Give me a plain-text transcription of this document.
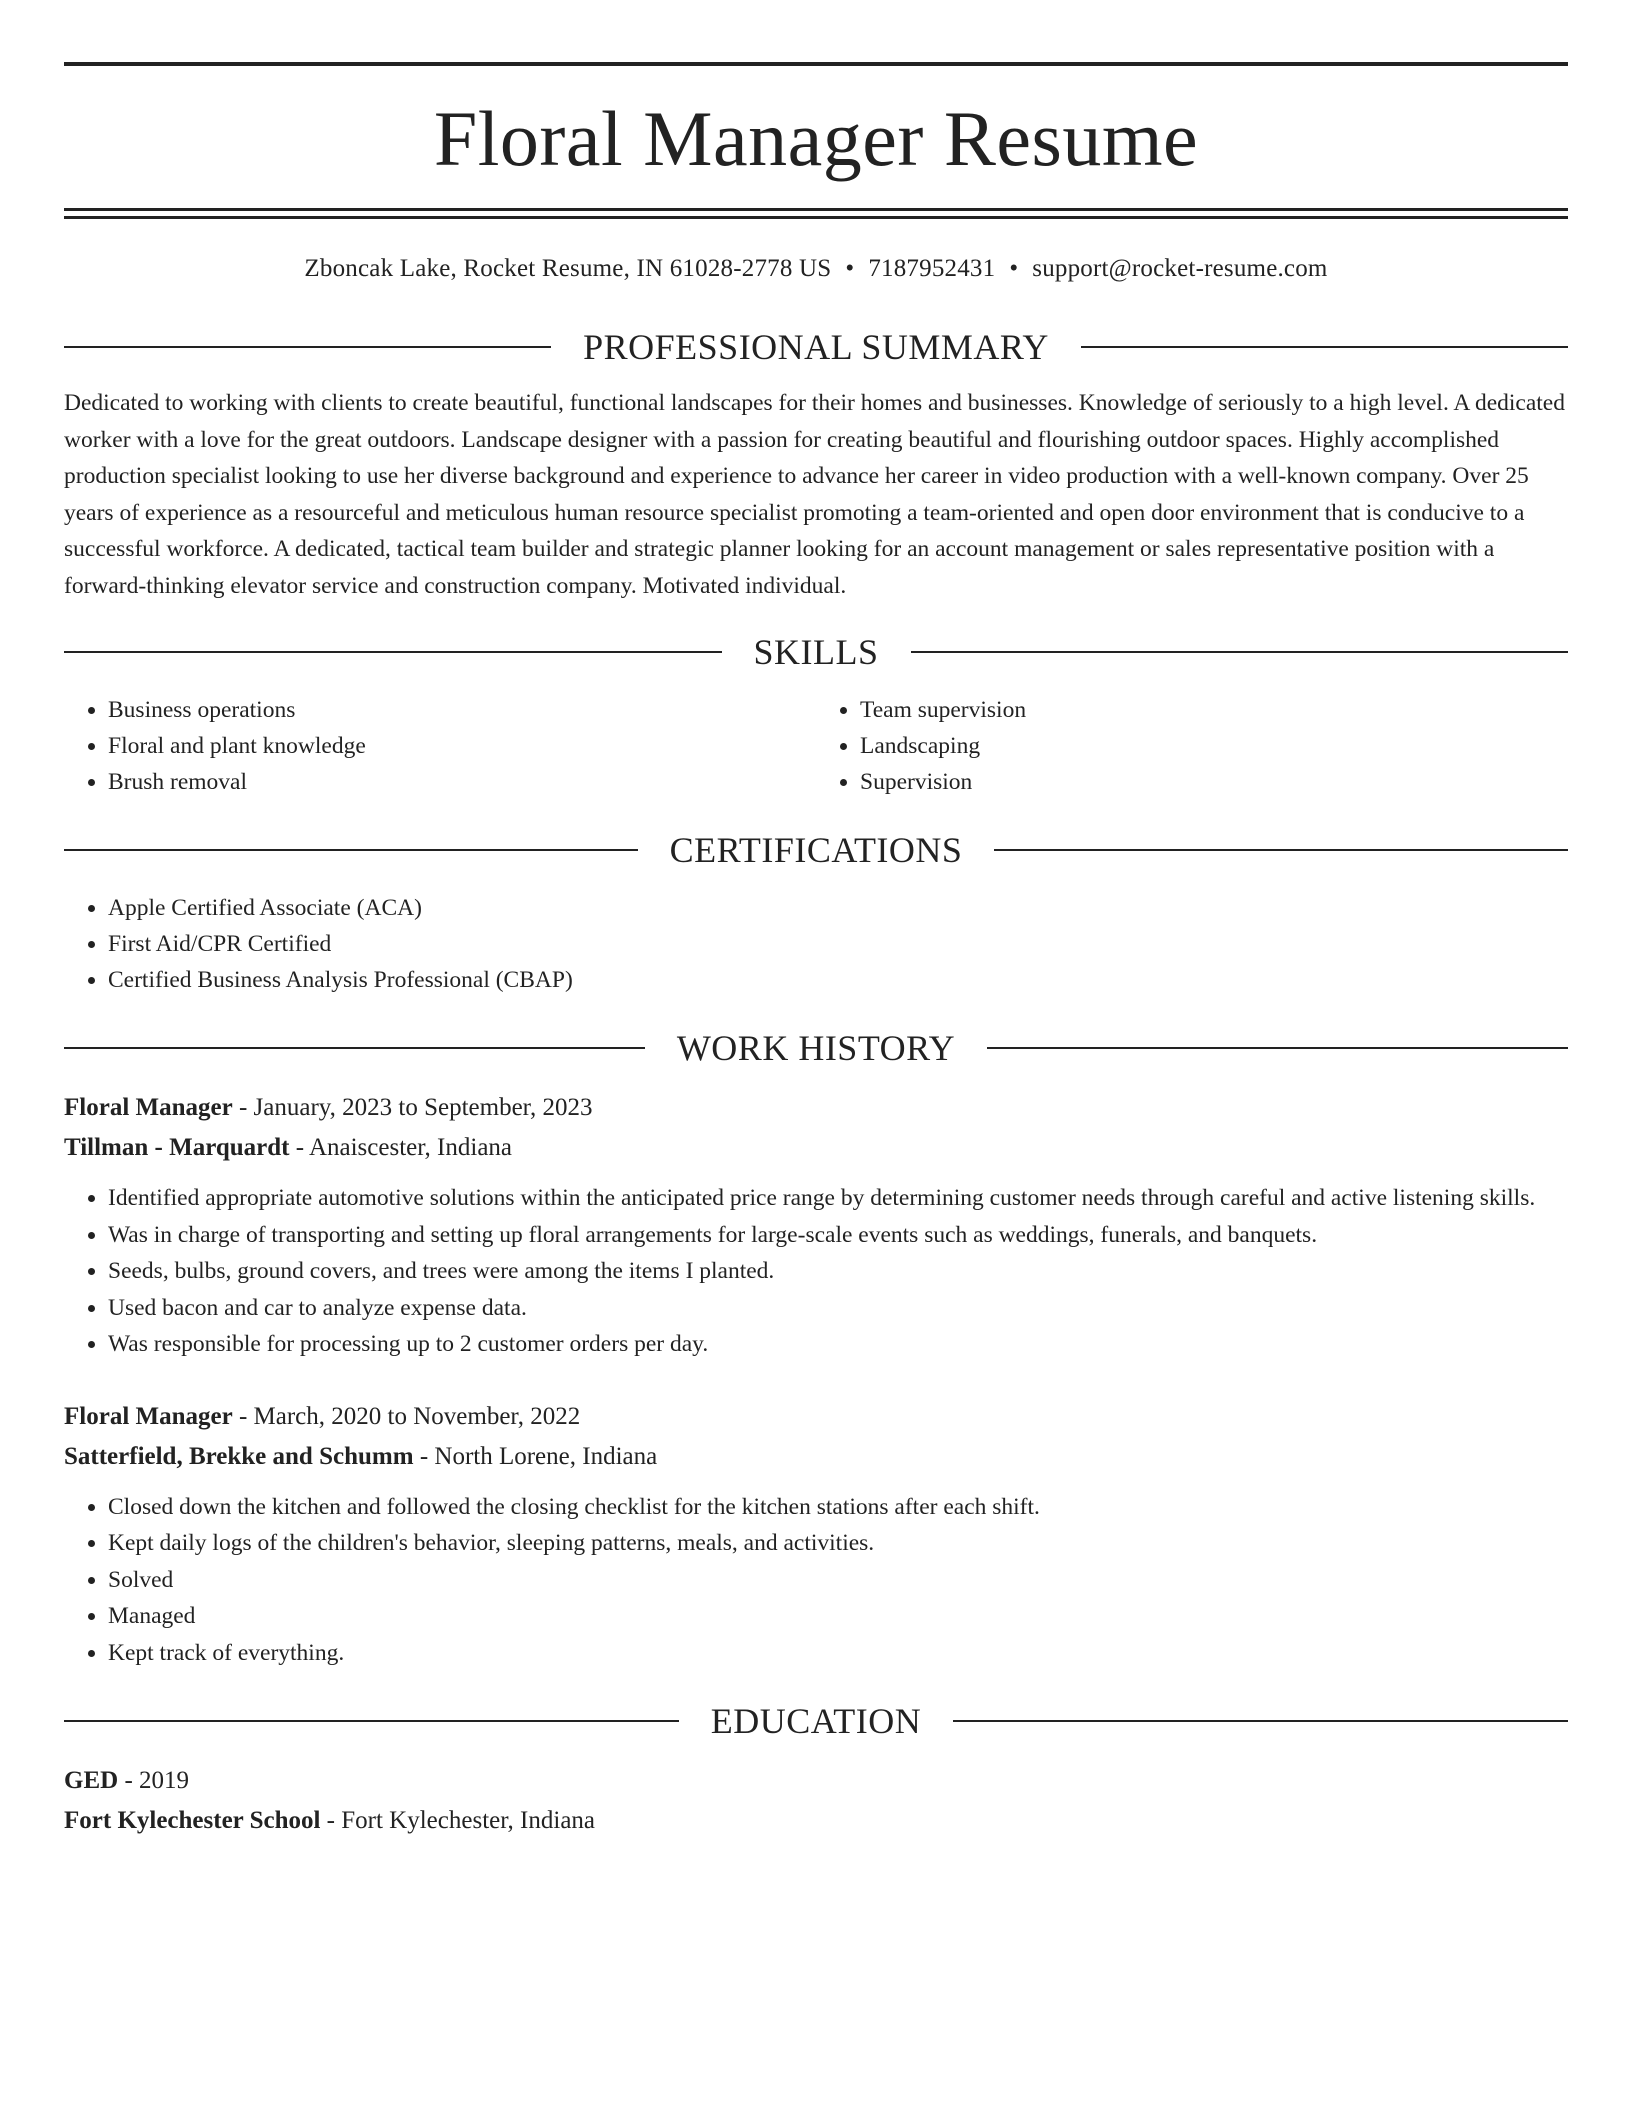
Floral Manager Resume
Zboncak Lake, Rocket Resume, IN 61028-2778 US • 7187952431 • support@rocket-resume.com
PROFESSIONAL SUMMARY

Dedicated to working with clients to create beautiful, functional landscapes for their homes and businesses. Knowledge of seriously to a high level. A dedicated worker with a love for the great outdoors. Landscape designer with a passion for creating beautiful and flourishing outdoor spaces. Highly accomplished production specialist looking to use her diverse background and experience to advance her career in video production with a well-known company. Over 25 years of experience as a resourceful and meticulous human resource specialist promoting a team-oriented and open door environment that is conducive to a successful workforce. A dedicated, tactical team builder and strategic planner looking for an account management or sales representative position with a forward-thinking elevator service and construction company. Motivated individual.

SKILLS
• Business operations
• Floral and plant knowledge
• Brush removal
• Team supervision
• Landscaping
• Supervision
CERTIFICATIONS
• Apple Certified Associate (ACA)
• First Aid/CPR Certified
• Certified Business Analysis Professional (CBAP)
WORK HISTORY
Floral Manager - January, 2023 to September, 2023
Tillman - Marquardt - Anaiscester, Indiana
• Identified appropriate automotive solutions within the anticipated price range by determining customer needs through careful and active listening skills.
• Was in charge of transporting and setting up floral arrangements for large-scale events such as weddings, funerals, and banquets.
• Seeds, bulbs, ground covers, and trees were among the items I planted.
• Used bacon and car to analyze expense data.
• Was responsible for processing up to 2 customer orders per day.
Floral Manager - March, 2020 to November, 2022
Satterfield, Brekke and Schumm - North Lorene, Indiana
• Closed down the kitchen and followed the closing checklist for the kitchen stations after each shift.
• Kept daily logs of the children's behavior, sleeping patterns, meals, and activities.
• Solved
• Managed
• Kept track of everything.
EDUCATION
GED - 2019
Fort Kylechester School - Fort Kylechester, Indiana
